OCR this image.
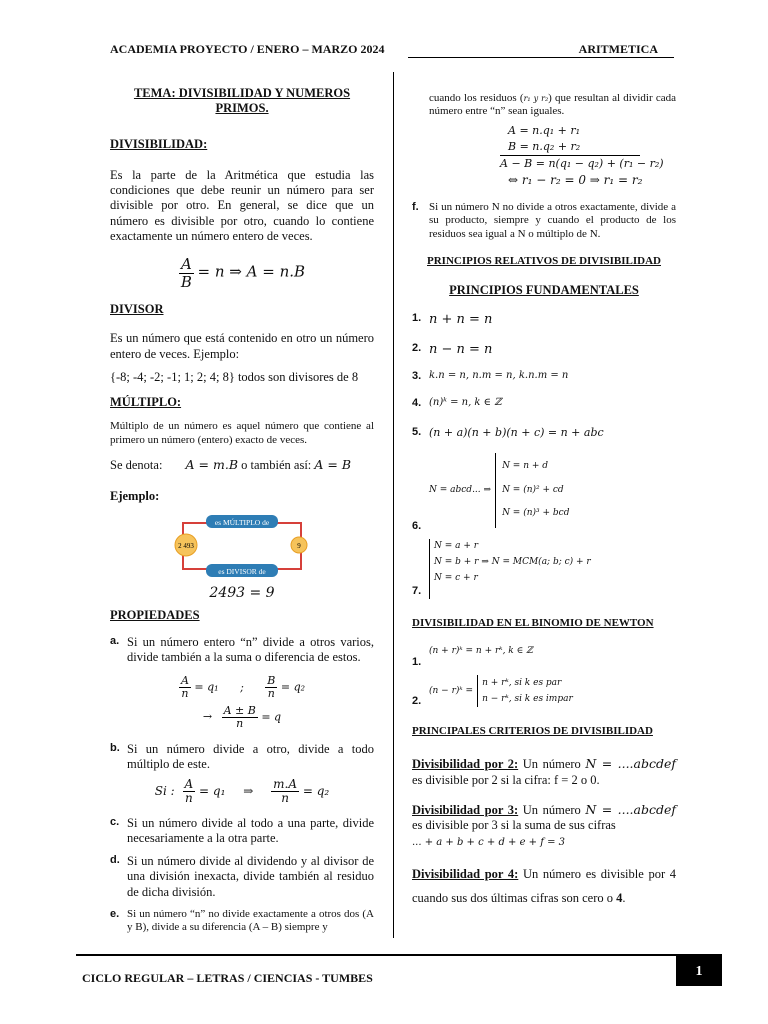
ACADEMIA PROYECTO / ENERO – MARZO 2024	ARITMETICA

TEMA: DIVISIBILIDAD Y NUMEROS PRIMOS.

DIVISIBILIDAD:

Es la parte de la Aritmética que estudia las condiciones que debe reunir un número para ser divisible por otro. En general, se dice que un número es divisible por otro, cuando lo contiene exactamente un número entero de veces.

$\frac{A}{B} = n$ ⇒ A = n.B

DIVISOR

Es un número que está contenido en otro un número entero de veces. Ejemplo:

{-8; -4; -2; -1; 1; 2; 4; 8} todos son divisores de 8

MÚLTIPLO:

Múltiplo de un número es aquel número que contiene al primero un número (entero) exacto de veces.

Se denota: A = m.B o también así: A = B

Ejemplo:

es MÚLTIPLO de
es DIVISOR de
2 493	9
2493 = 9

PROPIEDADES

a. Si un número entero “n” divide a otros varios, divide también a la suma o diferencia de estos.
$\frac{A}{n} = q_1$ ; $\frac{B}{n} = q_2$
→ $\frac{A \pm B}{n} = q$
b. Si un número divide a otro, divide a todo múltiplo de este.
Si : $\frac{A}{n} = q_1$ ⇒ $\frac{m.A}{n} = q_2$
c. Si un número divide al todo a una parte, divide necesariamente a la otra parte.
d. Si un número divide al dividendo y al divisor de una división inexacta, divide también al residuo de dicha división.
e. Si un número “n” no divide exactamente a otros dos (A y B), divide a su diferencia (A – B) siempre y

cuando los residuos (r₁ y r₂) que resultan al dividir cada número entre “n” sean iguales.

A = n.q₁ + r₁
B = n.q₂ + r₂
A − B = n(q₁ − q₂) + (r₁ − r₂)
⇔ r₁ − r₂ = 0 ⇒ r₁ = r₂
f. Si un número N no divide a otros exactamente, divide a su producto, siempre y cuando el producto de los residuos sea igual a N o múltiplo de N.

PRINCIPIOS RELATIVOS DE DIVISIBILIDAD

PRINCIPIOS FUNDAMENTALES

1. n + n = n
2. n − n = n
3. k.n = n, n.m = n, k.n.m = n
4. (n)ᵏ = n, k ∈ ℤ
5. (n + a)(n + b)(n + c) = n + abc
6.
N = abcd... ⇒
N = n + d
N = (n)² + cd
N = (n)³ + bcd
7.
N = a + r
N = b + r ⇒ N = MCM(a; b; c) + r
N = c + r

DIVISIBILIDAD EN EL BINOMIO DE NEWTON

1.
(n + r)ᵏ = n + rᵏ, k ∈ ℤ
2.
(n − r)ᵏ =
n + rᵏ, si k es par
n − rᵏ, si k es impar

PRINCIPALES CRITERIOS DE DIVISIBILIDAD

Divisibilidad por 2: Un número N = ....abcdef es divisible por 2 si la cifra: f = 2 o 0.

Divisibilidad por 3: Un número N = ....abcdef es divisible por 3 si la suma de sus cifras

... + a + b + c + d + e + f = 3

Divisibilidad por 4: Un número es divisible por 4 cuando sus dos últimas cifras son cero o 4.

CICLO REGULAR – LETRAS / CIENCIAS - TUMBES	1
